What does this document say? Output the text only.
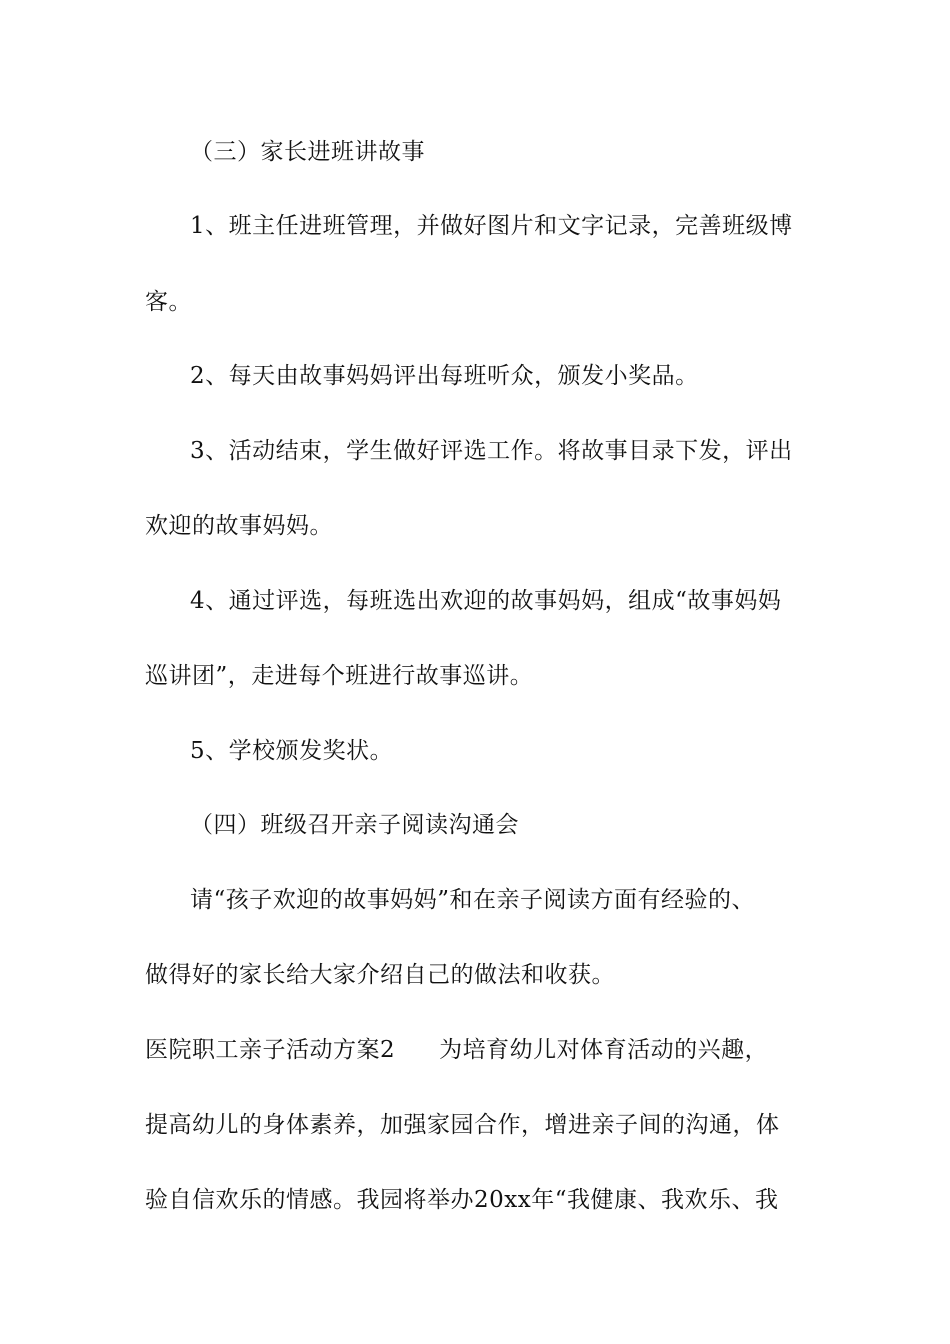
（三）家长进班讲故事
1、班主任进班管理，并做好图片和文字记录，完善班级博
客。
2、每天由故事妈妈评出每班听众，颁发小奖品。
3、活动结束，学生做好评选工作。将故事目录下发，评出
欢迎的故事妈妈。
4、通过评选，每班选出欢迎的故事妈妈，组成“故事妈妈
巡讲团”，走进每个班进行故事巡讲。
5、学校颁发奖状。
（四）班级召开亲子阅读沟通会
请“孩子欢迎的故事妈妈”和在亲子阅读方面有经验的、
做得好的家长给大家介绍自己的做法和收获。
医院职工亲子活动方案2 为培育幼儿对体育活动的兴趣，
提高幼儿的身体素养，加强家园合作，增进亲子间的沟通，体
验自信欢乐的情感。我园将举办20xx年“我健康、我欢乐、我
